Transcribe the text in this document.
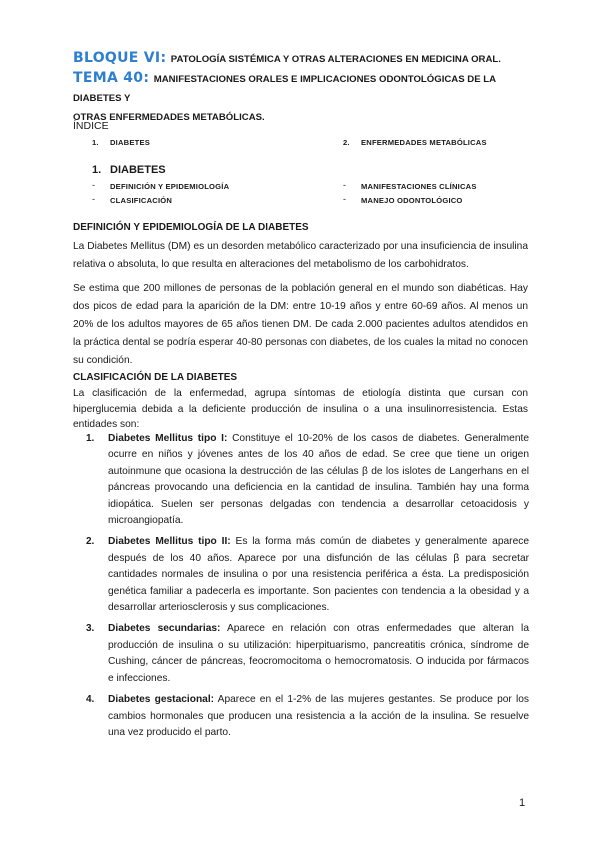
BLOQUE VI: PATOLOGÍA SISTÉMICA Y OTRAS ALTERACIONES EN MEDICINA ORAL.
TEMA 40: MANIFESTACIONES ORALES E IMPLICACIONES ODONTOLÓGICAS DE LA DIABETES Y
OTRAS ENFERMEDADES METABÓLICAS.
ÍNDICE
1. DIABETES	2. ENFERMEDADES METABÓLICAS
1. DIABETES
- DEFINICIÓN Y EPIDEMIOLOGÍA
- CLASIFICACIÓN
- MANIFESTACIONES CLÍNICAS
- MANEJO ODONTOLÓGICO
DEFINICIÓN Y EPIDEMIOLOGÍA DE LA DIABETES
La Diabetes Mellitus (DM) es un desorden metabólico caracterizado por una insuficiencia de insulina relativa o absoluta, lo que resulta en alteraciones del metabolismo de los carbohidratos.
Se estima que 200 millones de personas de la población general en el mundo son diabéticas. Hay dos picos de edad para la aparición de la DM: entre 10-19 años y entre 60-69 años. Al menos un 20% de los adultos mayores de 65 años tienen DM. De cada 2.000 pacientes adultos atendidos en la práctica dental se podría esperar 40-80 personas con diabetes, de los cuales la mitad no conocen su condición.
CLASIFICACIÓN DE LA DIABETES
La clasificación de la enfermedad, agrupa síntomas de etiología distinta que cursan con hiperglucemia debida a la deficiente producción de insulina o a una insulinorresistencia. Estas entidades son:
1. Diabetes Mellitus tipo I: Constituye el 10-20% de los casos de diabetes. Generalmente ocurre en niños y jóvenes antes de los 40 años de edad. Se cree que tiene un origen autoinmune que ocasiona la destrucción de las células β de los islotes de Langerhans en el páncreas provocando una deficiencia en la cantidad de insulina. También hay una forma idiopática. Suelen ser personas delgadas con tendencia a desarrollar cetoacidosis y microangiopatía.
2. Diabetes Mellitus tipo II: Es la forma más común de diabetes y generalmente aparece después de los 40 años. Aparece por una disfunción de las células β para secretar cantidades normales de insulina o por una resistencia periférica a ésta. La predisposición genética familiar a padecerla es importante. Son pacientes con tendencia a la obesidad y a desarrollar arteriosclerosis y sus complicaciones.
3. Diabetes secundarias: Aparece en relación con otras enfermedades que alteran la producción de insulina o su utilización: hiperpituarismo, pancreatitis crónica, síndrome de Cushing, cáncer de páncreas, feocromocitoma o hemocromatosis. O inducida por fármacos e infecciones.
4. Diabetes gestacional: Aparece en el 1-2% de las mujeres gestantes. Se produce por los cambios hormonales que producen una resistencia a la acción de la insulina. Se resuelve una vez producido el parto.
1
